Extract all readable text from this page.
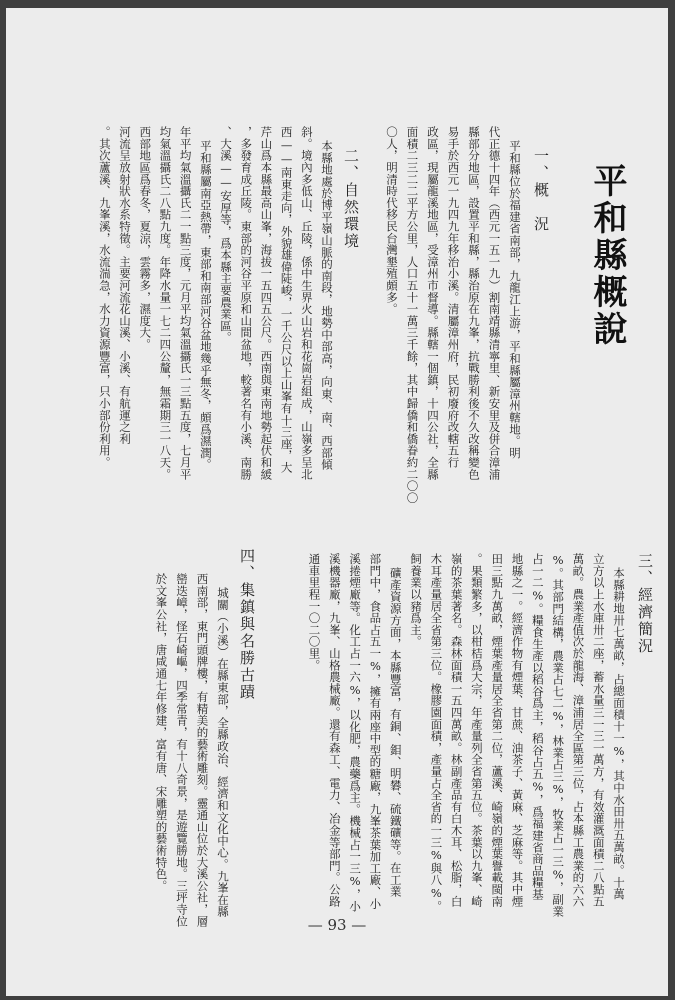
平和縣概說
一、概　況
平和縣位於福建省南部，九龍江上游，平和縣屬漳州轄地。明
代正德十四年（西元一五一九）割南靖縣清寧里、新安里及併合漳浦
縣部分地區，設置平和縣，縣治原在九峯，抗戰勝利後不久改稱變色
易手於西元一九四九年移治小溪。清屬漳州府，民初廢府改轄五行
政區，現屬龍溪地區，受漳州市督導。縣轄一個鎮，十四公社，全縣
面積二三二二平方公里，人口五十一萬三千餘，其中歸僑和僑眷約二〇〇
〇人，明清時代移民台灣墾殖頗多。
二、自然環境
本縣地處於博平嶺山脈的南段，地勢中部高，向東、南、西部傾
斜。境內多低山、丘陵，係中生界火山岩和花崗岩組成，山嶺多呈北
西——南東走向，外貌雄偉陡峻，一千公尺以上山峯有十三座，大
芹山爲本縣最高山峯，海拔一五四五公尺。西南與東南地勢起伏和緩
，多發育成丘陵。東部的河谷平原和山間盆地，較著名有小溪、南勝
、大溪——安厚等，爲本縣主要農業區。
平和縣屬南亞熱帶，東部和南部河谷盆地幾乎無冬，頗爲濕潤。
年平均氣溫攝氏二一點三度，元月平均氣溫攝氏一三點五度，七月平
均氣溫攝氏二八點九度。年降水量一七二四公釐，無霜期三一八天。
西部地區爲春冬，夏涼，雲霧多，濕度大。
河流呈放射狀水系特徵。主要河流花山溪、小溪、有航運之利
。其次蘆溪、九峯溪，水流湍急，水力資源豐富，只小部份利用。
三、經濟簡況
本縣耕地卅七萬畝，占總面積十一%，其中水田卅五萬畝。十萬
立方以上水庫卅二座，蓄水量三一三一萬方，有效灌溉面積二八點五
萬畝。農業產值次於龍海、漳浦居全區第三位，占本縣工農業的六六
%。其部門結構，農業占七二%，林業占三%，牧業占一三%，副業
占一二%。糧食生產以稻谷爲主，稻谷占五%，爲福建省商品糧基
地縣之一。經濟作物有煙葉、甘蔗、油茶子、黃麻、芝麻等。其中煙
田三點九萬畝，煙葉產量居全省第二位，蘆溪、崎嶺的煙葉譽載閩南
。果類繁多，以柑桔爲大宗，年產量列全省第五位。茶葉以九峯、崎
嶺的茶葉著名。森林面積一五四萬畝。林副產品有白木耳、松脂，白
木耳產量居全省第三位。橡膠園面積，產量占全省的一三%與八%。
飼養業以豬爲主。
礦產資源方面，本縣豐富，有銅、鉬、明礬、硫鐵礦等。在工業
部門中，食品占五一%，擁有兩座中型的糖廠，九峯茶葉加工廠、小
溪捲煙廠等。化工占一六%，以化肥，農藥爲主。機械占一三%，小
溪機器廠，九峯、山格農械廠。還有森工、電力、冶金等部門。公路
通車里程一〇二〇里。
四、集鎮與名勝古蹟
城關（小溪）在縣東部，全縣政治、經濟和文化中心。九峯在縣
西南部，東門頭牌樓，有精美的藝術雕刻。靈通山位於大溪公社，層
巒迭嶂，怪石崎嶇，四季常青，有十八奇景，是遊覽勝地。三坪寺位
於文峯公社，唐咸通七年修建，富有唐、宋雕塑的藝術特色。
— 93 —
